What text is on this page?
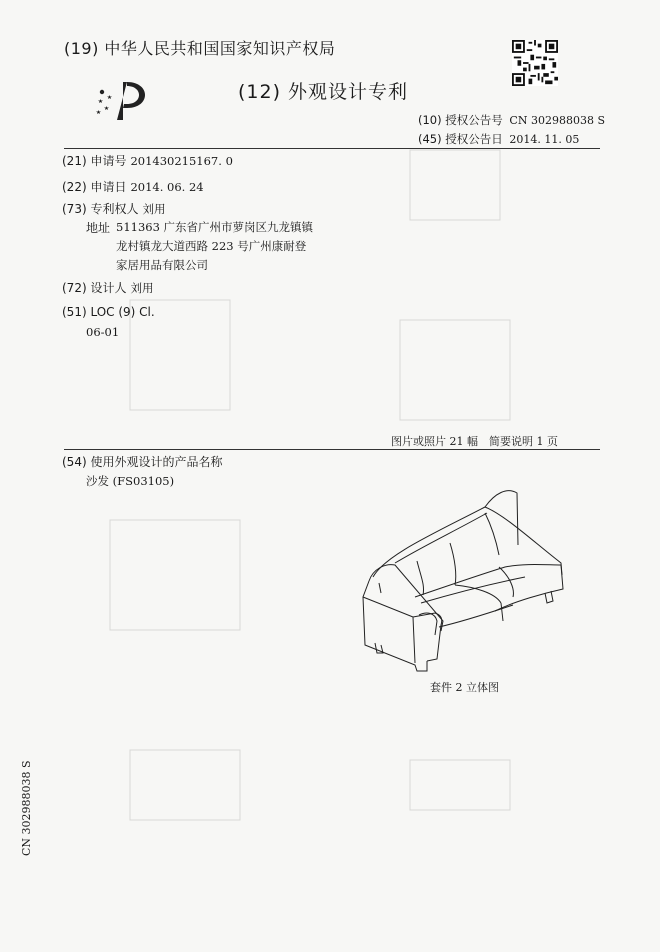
(19) 中华人民共和国国家知识产权局
(12) 外观设计专利
(10) 授权公告号 CN 302988038 S
(45) 授权公告日 2014. 11. 05
(21) 申请号 201430215167. 0
(22) 申请日 2014. 06. 24
(73) 专利权人 刘用
地址 511363 广东省广州市萝岗区九龙镇镇
龙村镇龙大道西路 223 号广州康耐登
家居用品有限公司
(72) 设计人 刘用
(51) LOC (9) Cl.
06-01
图片或照片 21 幅　简要说明 1 页
(54) 使用外观设计的产品名称
沙发 (FS03105)
套件 2 立体图
CN 302988038 S
